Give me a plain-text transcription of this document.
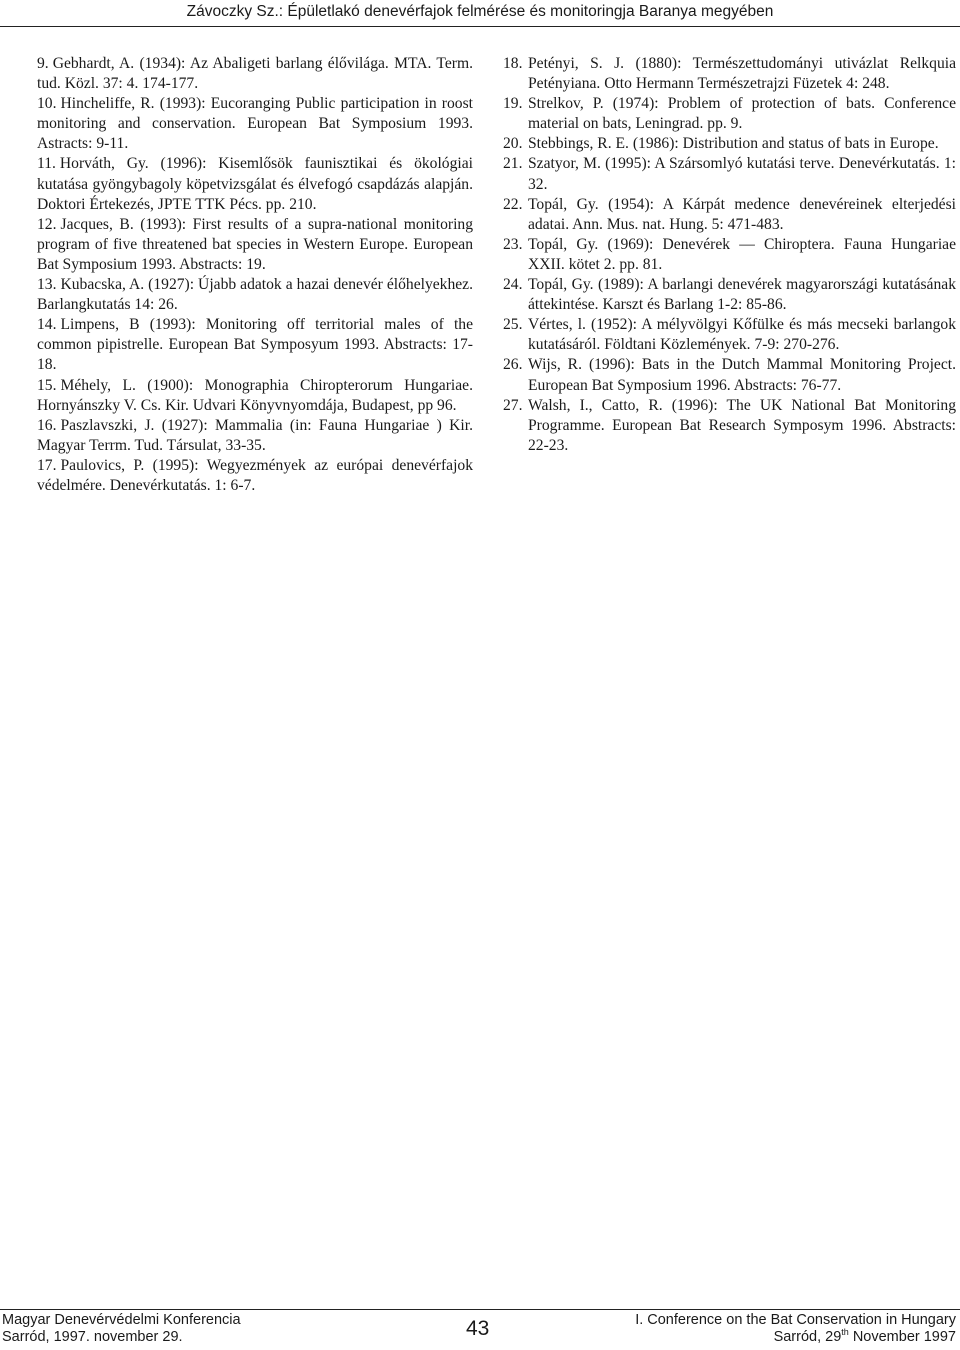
Závoczky Sz.: Épületlakó denevérfajok felmérése és monitoringja Baranya megyében
9. Gebhardt, A. (1934): Az Abaligeti barlang élővilága. MTA. Term. tud. Közl. 37: 4. 174-177.
10. Hincheliffe, R. (1993): Eucoranging Public participation in roost monitoring and conservation. European Bat Symposium 1993. Astracts: 9-11.
11. Horváth, Gy. (1996): Kisemlősök faunisztikai és ökológiai kutatása gyöngybagoly köpetvizsgálat és élvefogó csapdázás alapján. Doktori Értekezés, JPTE TTK Pécs. pp. 210.
12. Jacques, B. (1993): First results of a supra-national monitoring program of five threatened bat species in Western Europe. European Bat Symposium 1993. Abstracts: 19.
13. Kubacska, A. (1927): Újabb adatok a hazai denevér élőhelyekhez. Barlangkutatás 14: 26.
14. Limpens, B (1993): Monitoring off territorial males of the common pipistrelle. European Bat Symposyum 1993. Abstracts: 17-18.
15. Méhely, L. (1900): Monographia Chiropterorum Hungariae. Hornyánszky V. Cs. Kir. Udvari Könyvnyomdája, Budapest, pp 96.
16. Paszlavszki, J. (1927): Mammalia (in: Fauna Hungariae ) Kir. Magyar Terrm. Tud. Társulat, 33-35.
17. Paulovics, P. (1995): Wegyezmények az európai denevérfajok védelmére. Denevérkutatás. 1: 6-7.
18. Petényi, S. J. (1880): Természettudományi utivázlat Relkquia Petényiana. Otto Hermann Természetrajzi Füzetek 4: 248.
19. Strelkov, P. (1974): Problem of protection of bats. Conference material on bats, Leningrad. pp. 9.
20. Stebbings, R. E. (1986): Distribution and status of bats in Europe.
21. Szatyor, M. (1995): A Szársomlyó kutatási terve. Denevérkutatás. 1: 32.
22. Topál, Gy. (1954): A Kárpát medence denevéreinek elterjedési adatai. Ann. Mus. nat. Hung. 5: 471-483.
23. Topál, Gy. (1969): Denevérek — Chiroptera. Fauna Hungariae XXII. kötet 2. pp. 81.
24. Topál, Gy. (1989): A barlangi denevérek magyarországi kutatásának áttekintése. Karszt és Barlang 1-2: 85-86.
25. Vértes, l. (1952): A mélyvölgyi Kőfülke és más mecseki barlangok kutatásáról. Földtani Közlemények. 7-9: 270-276.
26. Wijs, R. (1996): Bats in the Dutch Mammal Monitoring Project. European Bat Symposium 1996. Abstracts: 76-77.
27. Walsh, I., Catto, R. (1996): The UK National Bat Monitoring Programme. European Bat Research Symposym 1996. Abstracts: 22-23.
Magyar Denevérvédelmi Konferencia
Sarród, 1997. november 29.	43	I. Conference on the Bat Conservation in Hungary
Sarród, 29th November 1997
